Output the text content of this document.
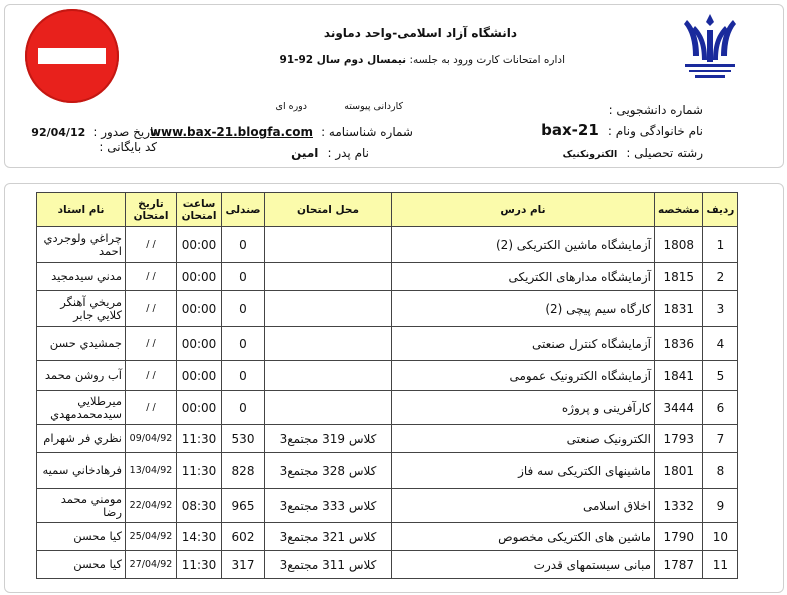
دانشگاه آزاد اسلامی-واحد دماوند
اداره امتحانات کارت ورود به جلسه: نیمسال دوم سال 92-91
شماره دانشجويی :
نام خانوادگی ونام : bax-21
رشته تحصیلی : الکترونکنیک
کاردانی پیوسته
دوره ای
شماره شناسنامه : www.bax-21.blogfa.com
نام پدر : امین
تاریخ صدور : 92/04/12
کد بایگانی :
ردیف	مشخصه	نام درس	محل امتحان	صندلی	ساعت امتحان	تاریخ امتحان	نام استاد
1	1808	آزمایشگاه ماشین الکتریکی (2)		0	00:00	/ /	چراغي ولوجردي احمد
2	1815	آزمایشگاه مدارهای الکتریکی		0	00:00	/ /	مدني سيدمجيد
3	1831	کارگاه سیم پیچی (2)		0	00:00	/ /	مريخي آهنگر كلايي جابر
4	1836	آزمایشگاه کنترل صنعتی		0	00:00	/ /	جمشيدي حسن
5	1841	آزمایشگاه الکترونیک عمومی		0	00:00	/ /	آب روشن محمد
6	3444	کارآفرینی و پروژه		0	00:00	/ /	ميرطلايي سيدمحمدمهدي
7	1793	الکترونیک صنعتی	کلاس 319 مجتمع3	530	11:30	09/04/92	نظري فر شهرام
8	1801	ماشینهای الکتریکی سه فاز	کلاس 328 مجتمع3	828	11:30	13/04/92	فرهادخاني سميه
9	1332	اخلاق اسلامی	کلاس 333 مجتمع3	965	08:30	22/04/92	مومني محمد رضا
10	1790	ماشین های الکتریکی مخصوص	کلاس 321 مجتمع3	602	14:30	25/04/92	كيا محسن
11	1787	مبانی سیستمهای قدرت	کلاس 311 مجتمع3	317	11:30	27/04/92	كيا محسن
